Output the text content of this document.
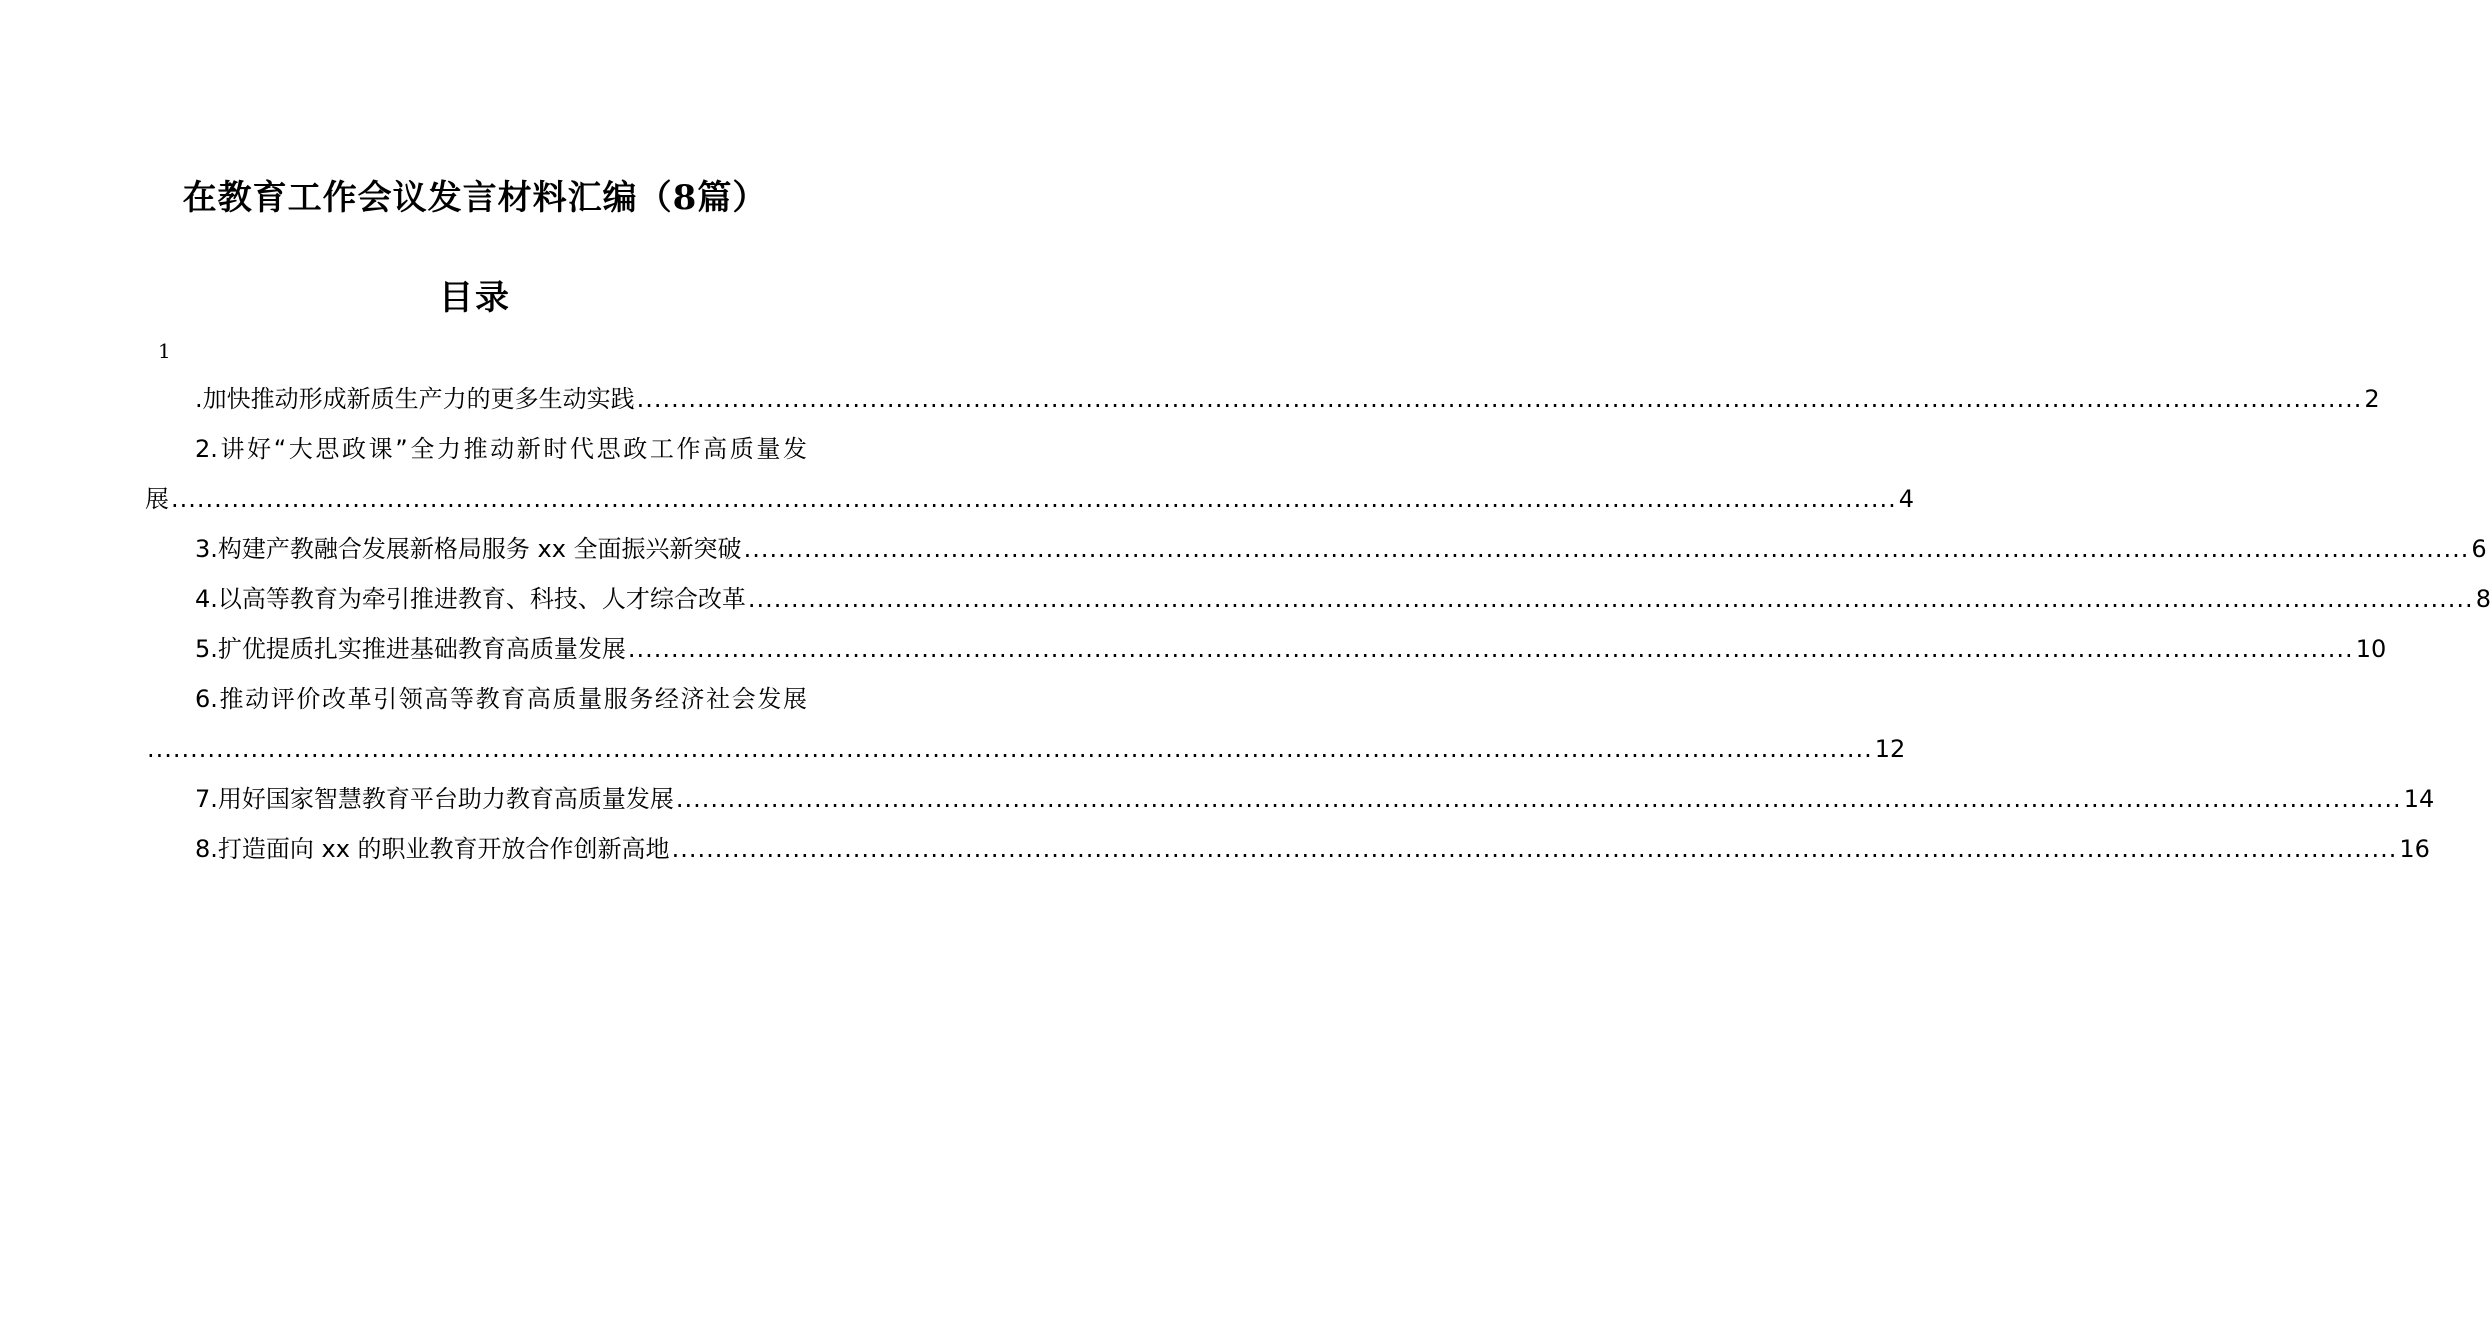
在教育工作会议发言材料汇编（8篇）
目录
1
.加快推动形成新质生产力的更多生动实践 ........................................................................................................................................................................................................ 2
2.讲好“大思政课”全力推动新时代思政工作高质量发
展 ........................................................................................................................................................................................................ 4
3.构建产教融合发展新格局服务 xx 全面振兴新突破 ........................................................................................................................................................................................................ 6
4.以高等教育为牵引推进教育、科技、人才综合改革 ........................................................................................................................................................................................................ 8
5.扩优提质扎实推进基础教育高质量发展 ........................................................................................................................................................................................................ 10
6.推动评价改革引领高等教育高质量服务经济社会发展
........................................................................................................................................................................................................ 12
7.用好国家智慧教育平台助力教育高质量发展 ........................................................................................................................................................................................................ 14
8.打造面向 xx 的职业教育开放合作创新高地 ........................................................................................................................................................................................................ 16
